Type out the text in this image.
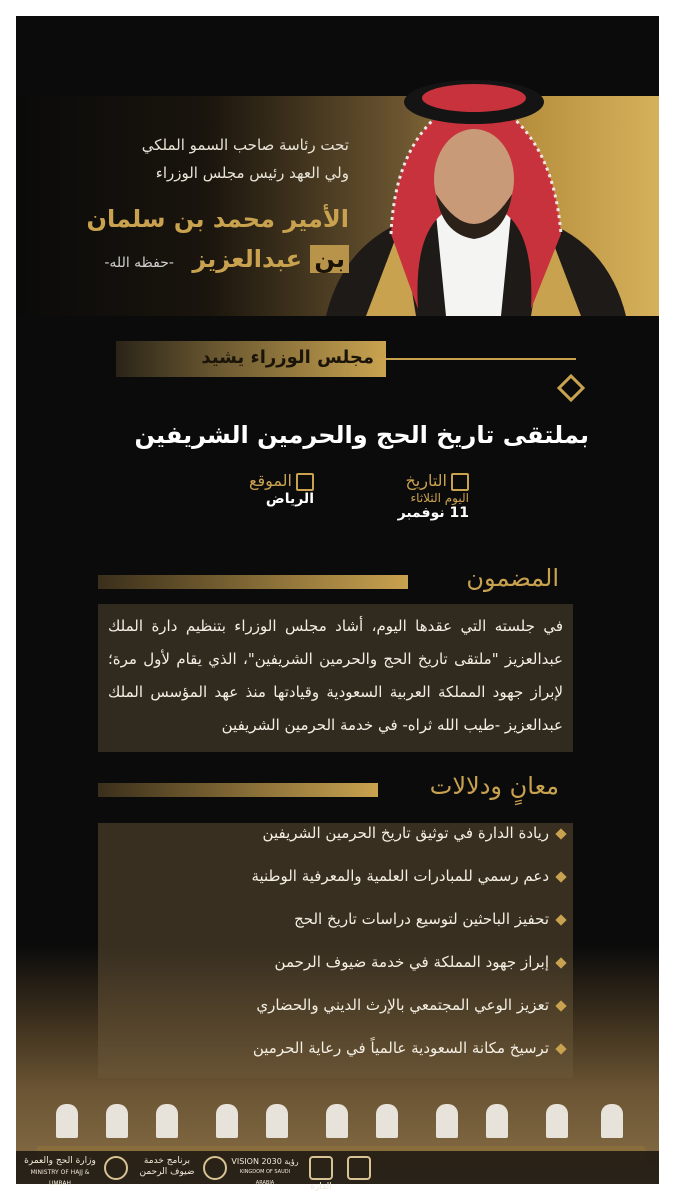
تحت رئاسة صاحب السمو الملكي
ولي العهد رئيس مجلس الوزراء
الأمير محمد بن سلمان
بن عبدالعزيز -حفظه الله-
مجلس الوزراء يشيد
بملتقى تاريخ الحج والحرمين الشريفين
التاريخ
اليوم الثلاثاء
11 نوفمبر
الموقع
الرياض
المضمون

في جلسته التي عقدها اليوم، أشاد مجلس الوزراء بتنظيم دارة الملك عبدالعزيز "ملتقى تاريخ الحج والحرمين الشريفين"، الذي يقام لأول مرة؛ لإبراز جهود المملكة العربية السعودية وقيادتها منذ عهد المؤسس الملك عبدالعزيز -طيب الله ثراه- في خدمة الحرمين الشريفين

معانٍ ودلالات
ريادة الدارة في توثيق تاريخ الحرمين الشريفين
دعم رسمي للمبادرات العلمية والمعرفية الوطنية
تحفيز الباحثين لتوسيع دراسات تاريخ الحج
إبراز جهود المملكة في خدمة ضيوف الرحمن
تعزيز الوعي المجتمعي بالإرث الديني والحضاري
ترسيخ مكانة السعودية عالمياً في رعاية الحرمين
وزارة الحج والعمرة
MINISTRY OF HAJJ & UMRAH
برنامج خدمة ضيوف الرحمن
VISION 2030 رؤية
KINGDOM OF SAUDI ARABIA	الدارة
